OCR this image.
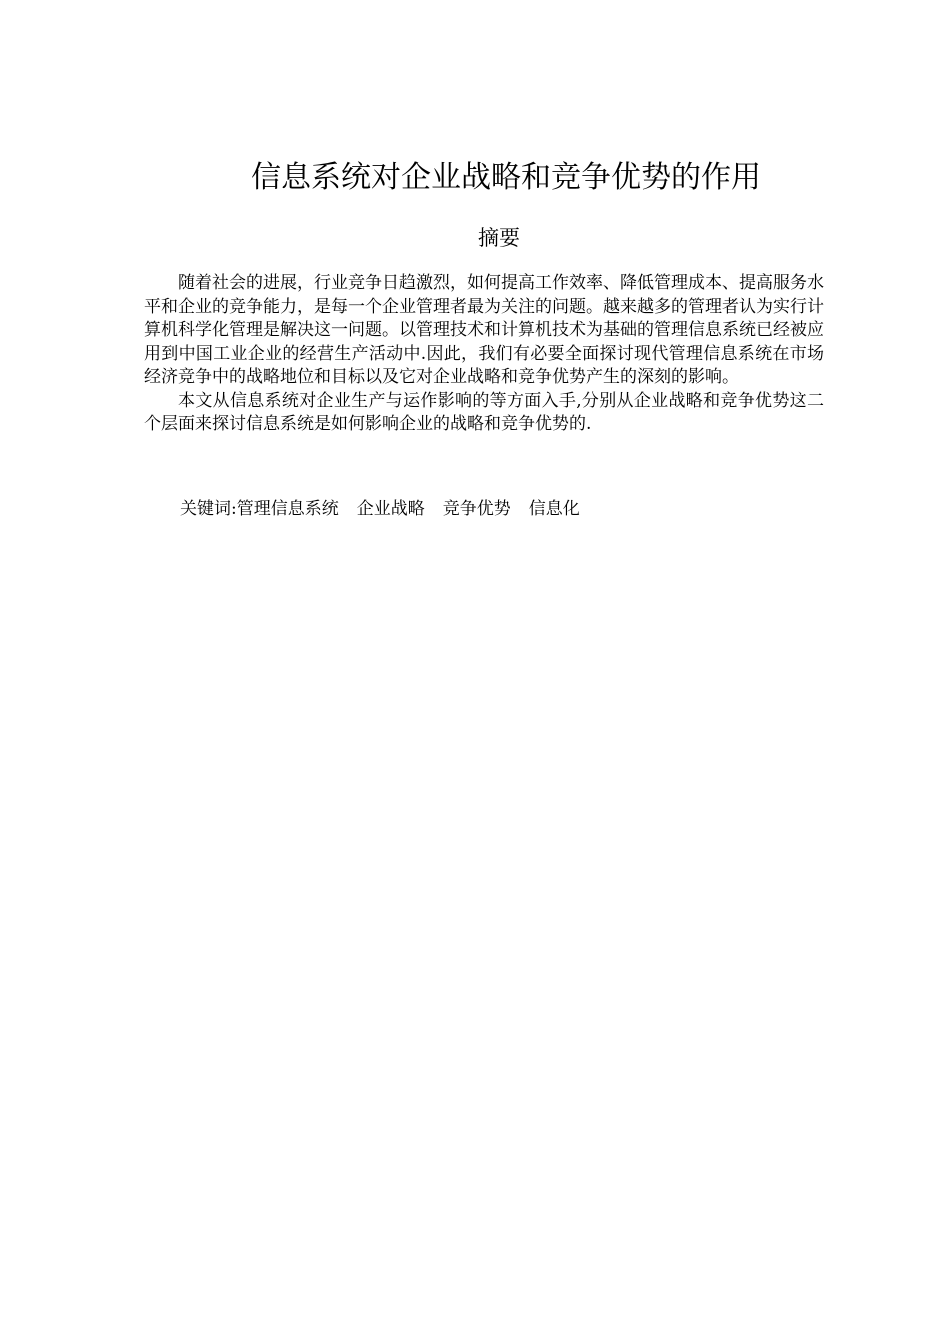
信息系统对企业战略和竞争优势的作用
摘要

随着社会的进展，行业竞争日趋激烈，如何提高工作效率、降低管理成本、提高服务水平和企业的竞争能力，是每一个企业管理者最为关注的问题。越来越多的管理者认为实行计算机科学化管理是解决这一问题。以管理技术和计算机技术为基础的管理信息系统已经被应用到中国工业企业的经营生产活动中.因此，我们有必要全面探讨现代管理信息系统在市场经济竞争中的战略地位和目标以及它对企业战略和竞争优势产生的深刻的影响。

本文从信息系统对企业生产与运作影响的等方面入手,分别从企业战略和竞争优势这二个层面来探讨信息系统是如何影响企业的战略和竞争优势的.

关键词:管理信息系统 企业战略 竞争优势 信息化
